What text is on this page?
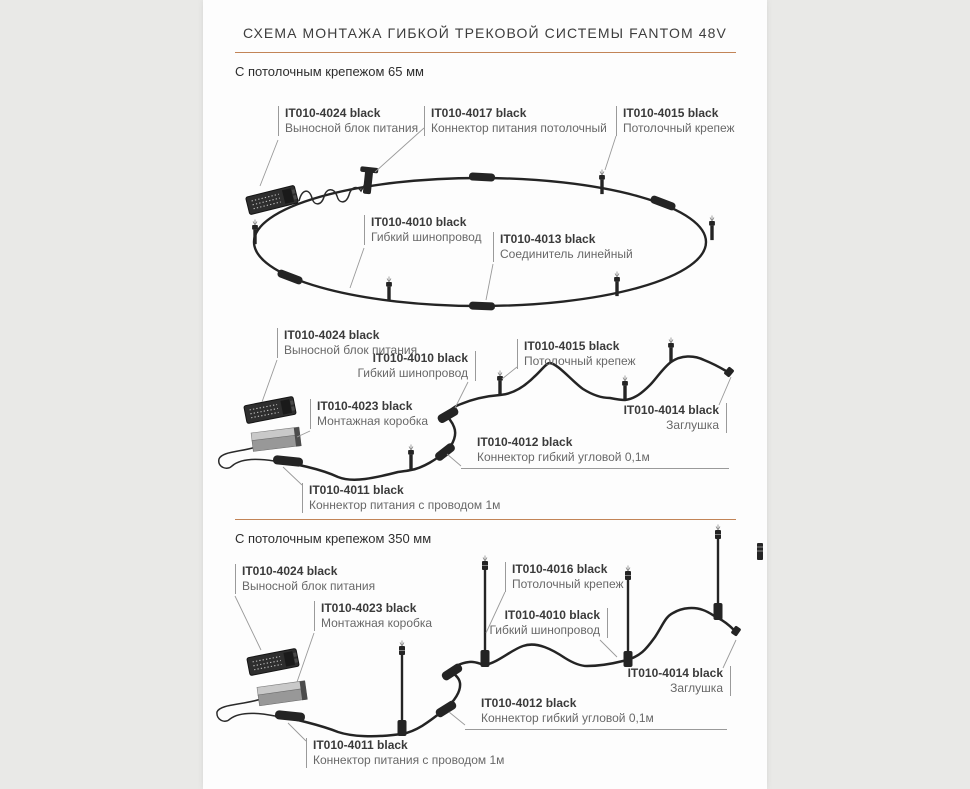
СХЕМА МОНТАЖА ГИБКОЙ ТРЕКОВОЙ СИСТЕМЫ FANTOM 48V
С потолочным крепежом 65 мм
С потолочным крепежом 350 мм
IT010-4024 black
Выносной блок питания
IT010-4017 black
Коннектор питания потолочный
IT010-4015 black
Потолочный крепеж
IT010-4010 black
Гибкий шинопровод IT010-4013 black
Соединитель линейный
IT010-4024 black
Выносной блок питания
IT010-4010 black
Гибкий шинопровод
IT010-4015 black
Потолочный крепеж
IT010-4023 black
Монтажная коробка
IT010-4014 black
Заглушка
IT010-4012 black
Коннектор гибкий угловой 0,1м
IT010-4011 black
Коннектор питания с проводом 1м
IT010-4024 black
Выносной блок питания
IT010-4023 black
Монтажная коробка
IT010-4016 black
Потолочный крепеж
IT010-4010 black
Гибкий шинопровод
IT010-4014 black
Заглушка
IT010-4012 black
Коннектор гибкий угловой 0,1м
IT010-4011 black
Коннектор питания с проводом 1м
